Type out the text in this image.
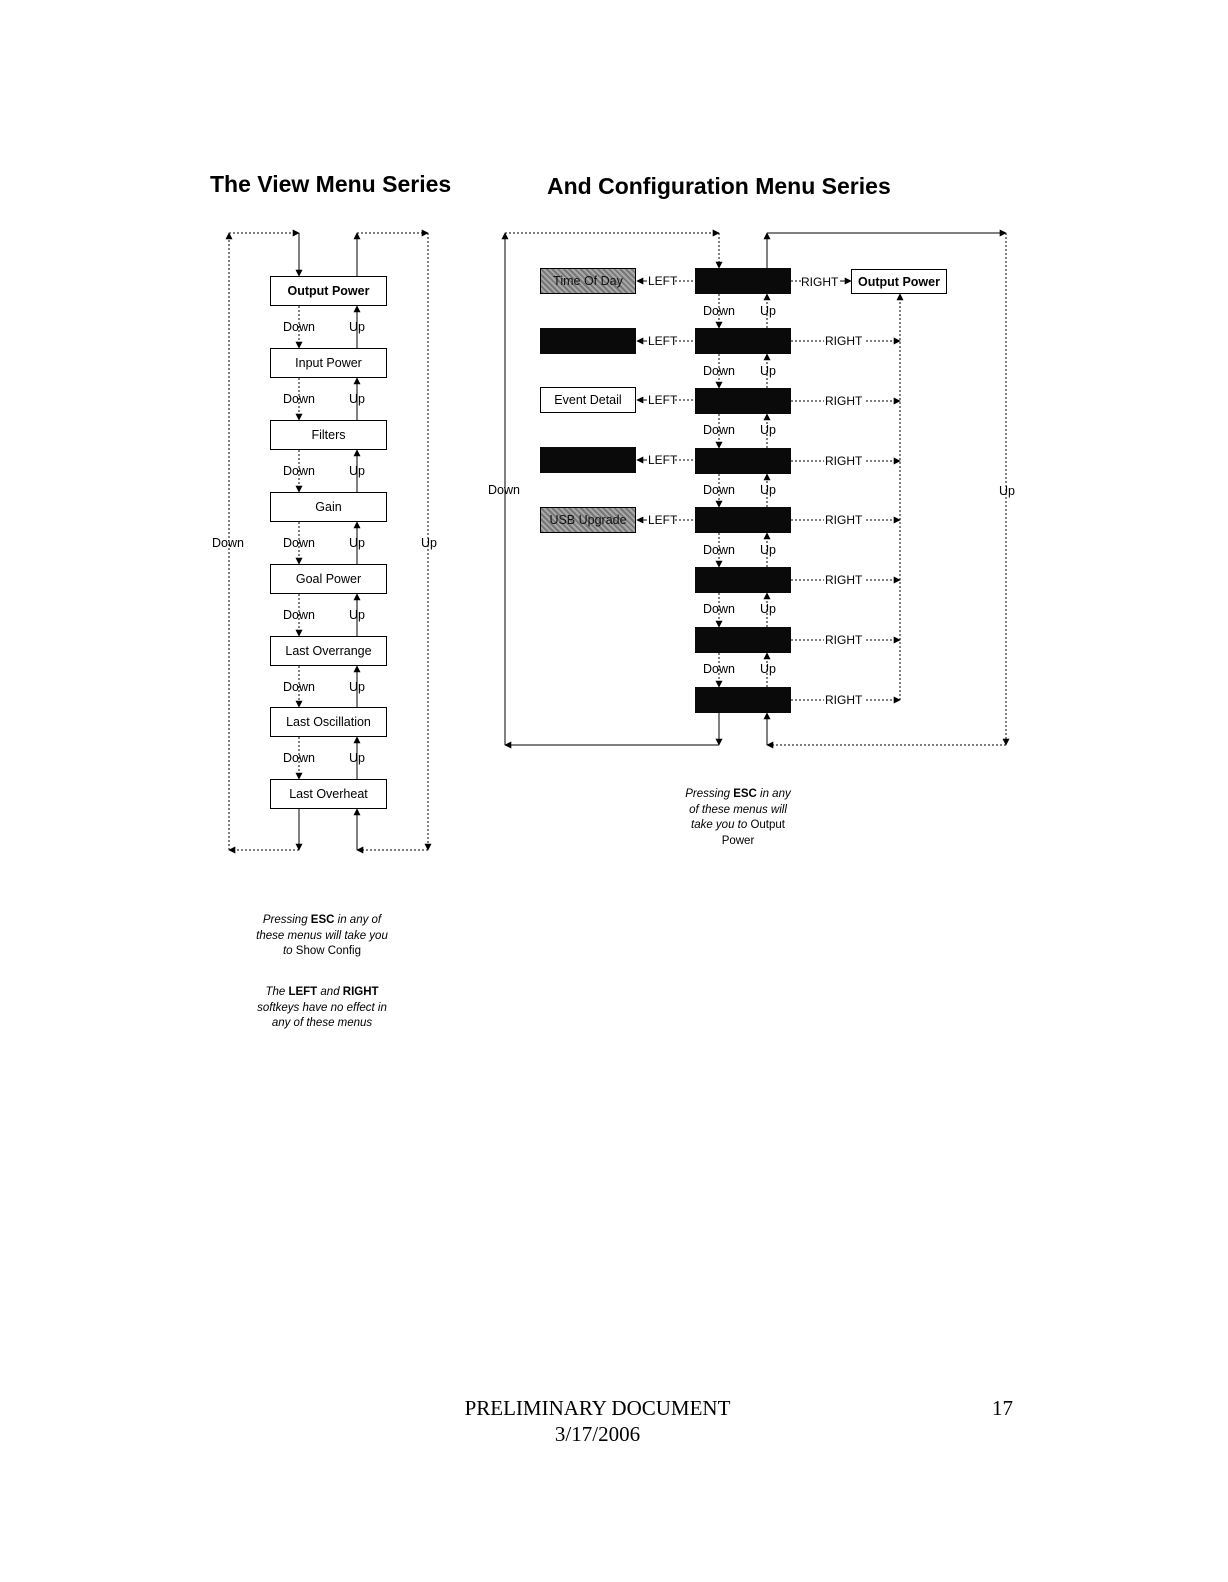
The View Menu Series	And Configuration Menu Series
Output Power
Input Power
Filters
Gain
Goal Power
Last Overrange
Last Oscillation
Last Overheat
Down	Up
Down	Up
Down	Up
Down	Up
Down	Up
Down	Up
Down	Up
Down	Up
Time Of Day
Event Detail
USB Upgrade
Output Power
LEFT
LEFT
LEFT
LEFT
LEFT
RIGHT
RIGHT
RIGHT
RIGHT
RIGHT
RIGHT
RIGHT
RIGHT
Down Up
Down Up
Down Up
Down Up
Down Up
Down Up
Down Up
Down	Up
Pressing ESC in any
of these menus will
take you to Output
Power
Pressing ESC in any of
these menus will take you
to Show Config
The LEFT and RIGHT
softkeys have no effect in
any of these menus
PRELIMINARY DOCUMENT
3/17/2006
17
